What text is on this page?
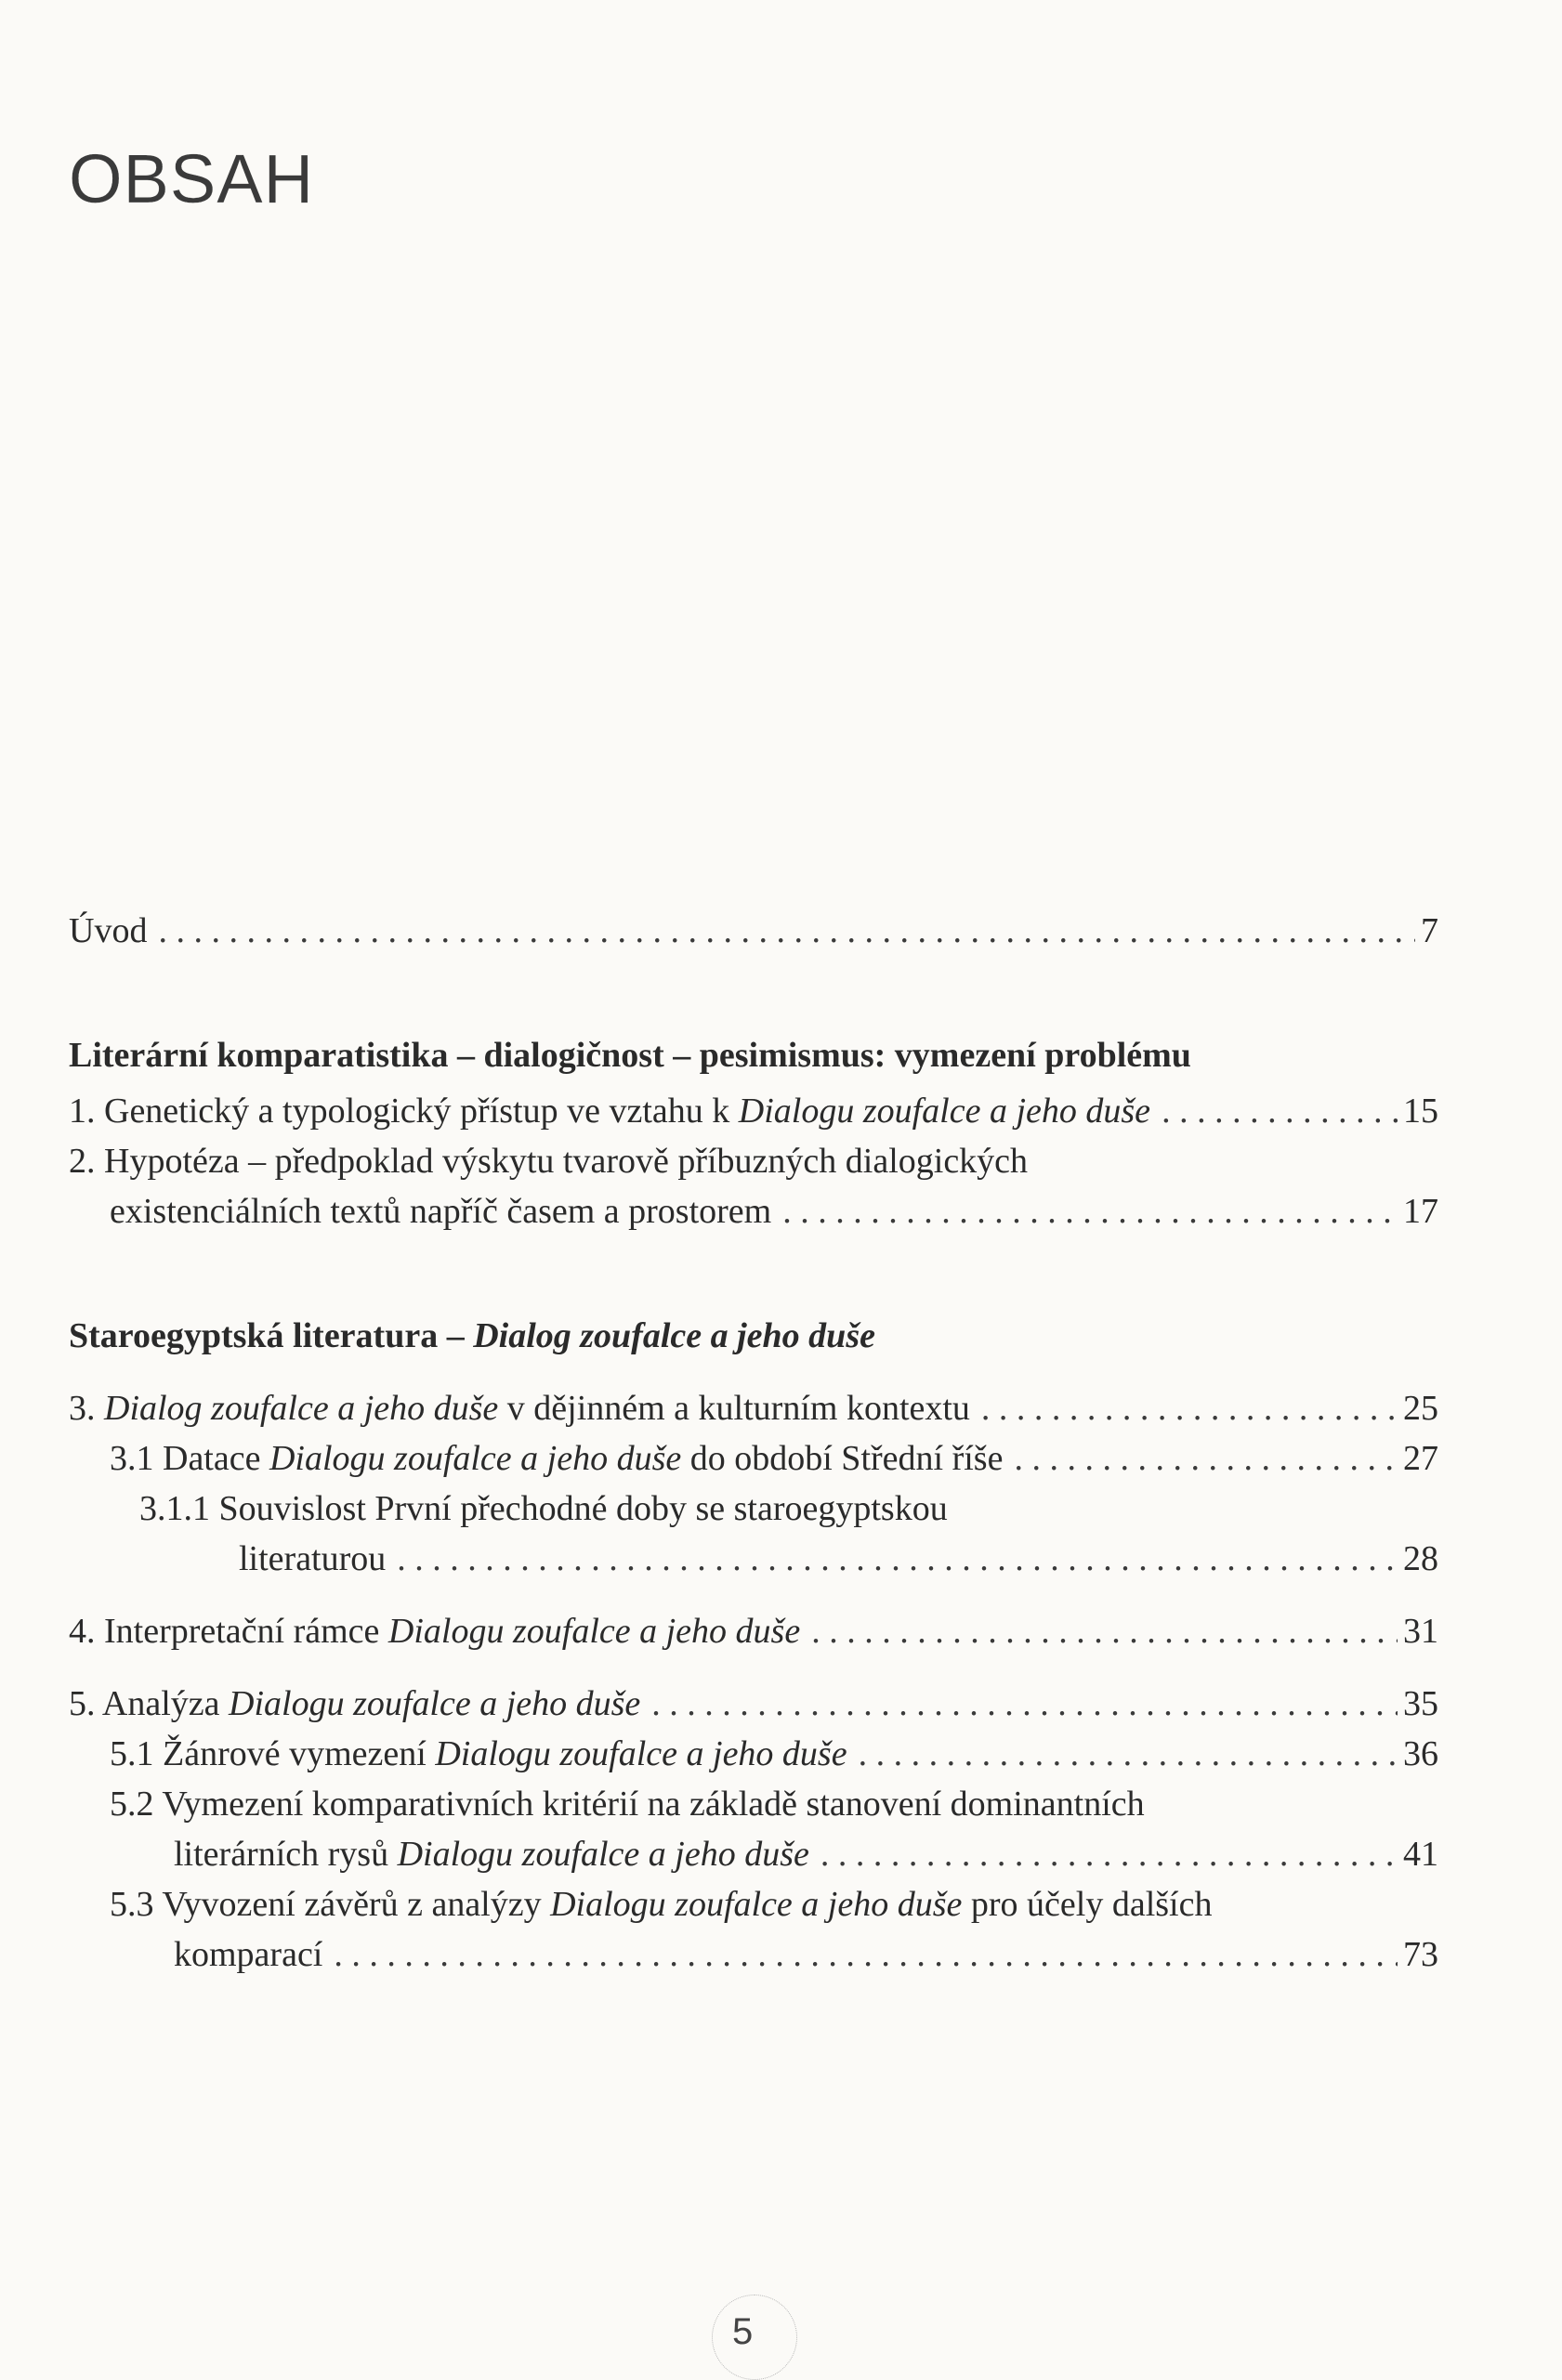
OBSAH
Úvod . . .	7
Literární komparatistika – dialogičnost – pesimismus: vymezení problému
1. Genetický a typologický přístup ve vztahu k Dialogu zoufalce a jeho duše . . .	15
2. Hypotéza – předpoklad výskytu tvarově příbuzných dialogických
existenciálních textů napříč časem a prostorem . . .	17
Staroegyptská literatura – Dialog zoufalce a jeho duše
3. Dialog zoufalce a jeho duše v dějinném a kulturním kontextu . . .	25
3.1 Datace Dialogu zoufalce a jeho duše do období Střední říše . . .	27
3.1.1 Souvislost První přechodné doby se staroegyptskou
literaturou . . .	28
4. Interpretační rámce Dialogu zoufalce a jeho duše . . .	31
5. Analýza Dialogu zoufalce a jeho duše . . .	35
5.1 Žánrové vymezení Dialogu zoufalce a jeho duše . . .	36
5.2 Vymezení komparativních kritérií na základě stanovení dominantních
literárních rysů Dialogu zoufalce a jeho duše . . .	41
5.3 Vyvození závěrů z analýzy Dialogu zoufalce a jeho duše pro účely dalších
komparací . . .	73
5
